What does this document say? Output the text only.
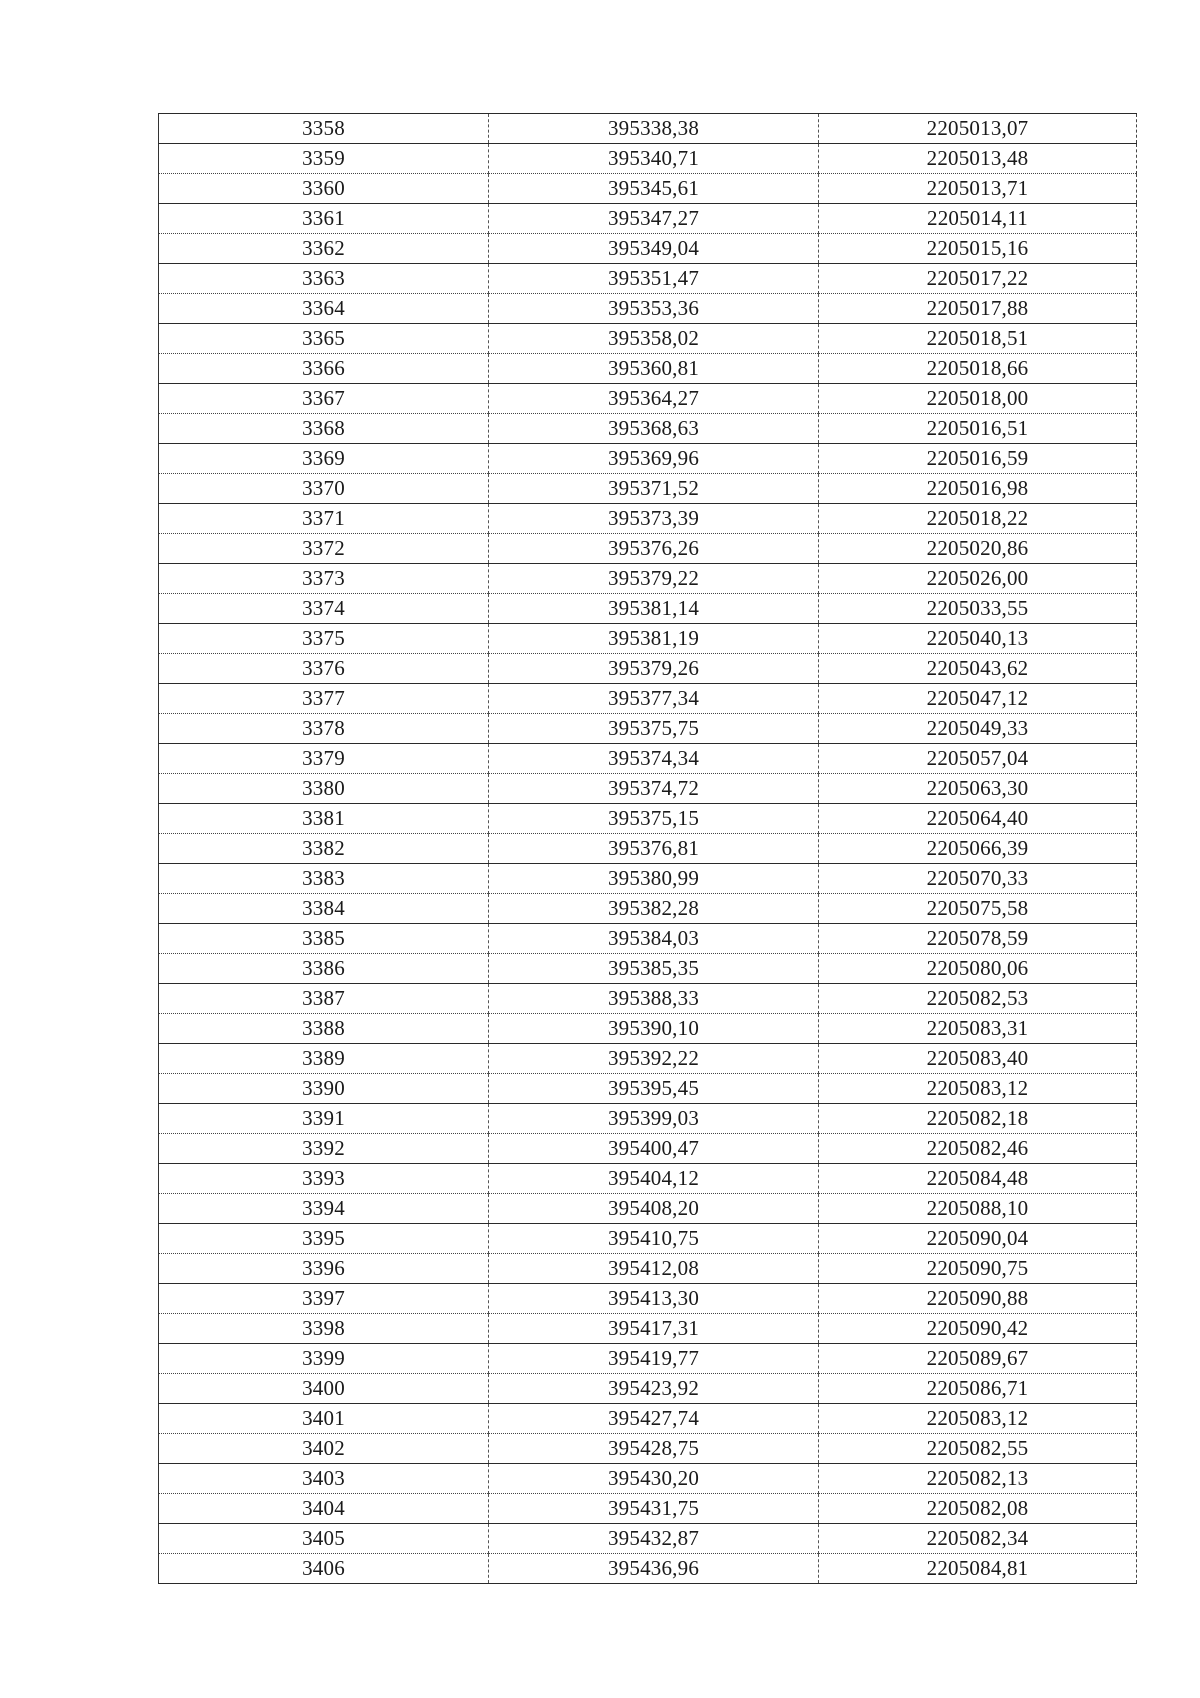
3358	395338,38	2205013,07
3359	395340,71	2205013,48
3360	395345,61	2205013,71
3361	395347,27	2205014,11
3362	395349,04	2205015,16
3363	395351,47	2205017,22
3364	395353,36	2205017,88
3365	395358,02	2205018,51
3366	395360,81	2205018,66
3367	395364,27	2205018,00
3368	395368,63	2205016,51
3369	395369,96	2205016,59
3370	395371,52	2205016,98
3371	395373,39	2205018,22
3372	395376,26	2205020,86
3373	395379,22	2205026,00
3374	395381,14	2205033,55
3375	395381,19	2205040,13
3376	395379,26	2205043,62
3377	395377,34	2205047,12
3378	395375,75	2205049,33
3379	395374,34	2205057,04
3380	395374,72	2205063,30
3381	395375,15	2205064,40
3382	395376,81	2205066,39
3383	395380,99	2205070,33
3384	395382,28	2205075,58
3385	395384,03	2205078,59
3386	395385,35	2205080,06
3387	395388,33	2205082,53
3388	395390,10	2205083,31
3389	395392,22	2205083,40
3390	395395,45	2205083,12
3391	395399,03	2205082,18
3392	395400,47	2205082,46
3393	395404,12	2205084,48
3394	395408,20	2205088,10
3395	395410,75	2205090,04
3396	395412,08	2205090,75
3397	395413,30	2205090,88
3398	395417,31	2205090,42
3399	395419,77	2205089,67
3400	395423,92	2205086,71
3401	395427,74	2205083,12
3402	395428,75	2205082,55
3403	395430,20	2205082,13
3404	395431,75	2205082,08
3405	395432,87	2205082,34
3406	395436,96	2205084,81
